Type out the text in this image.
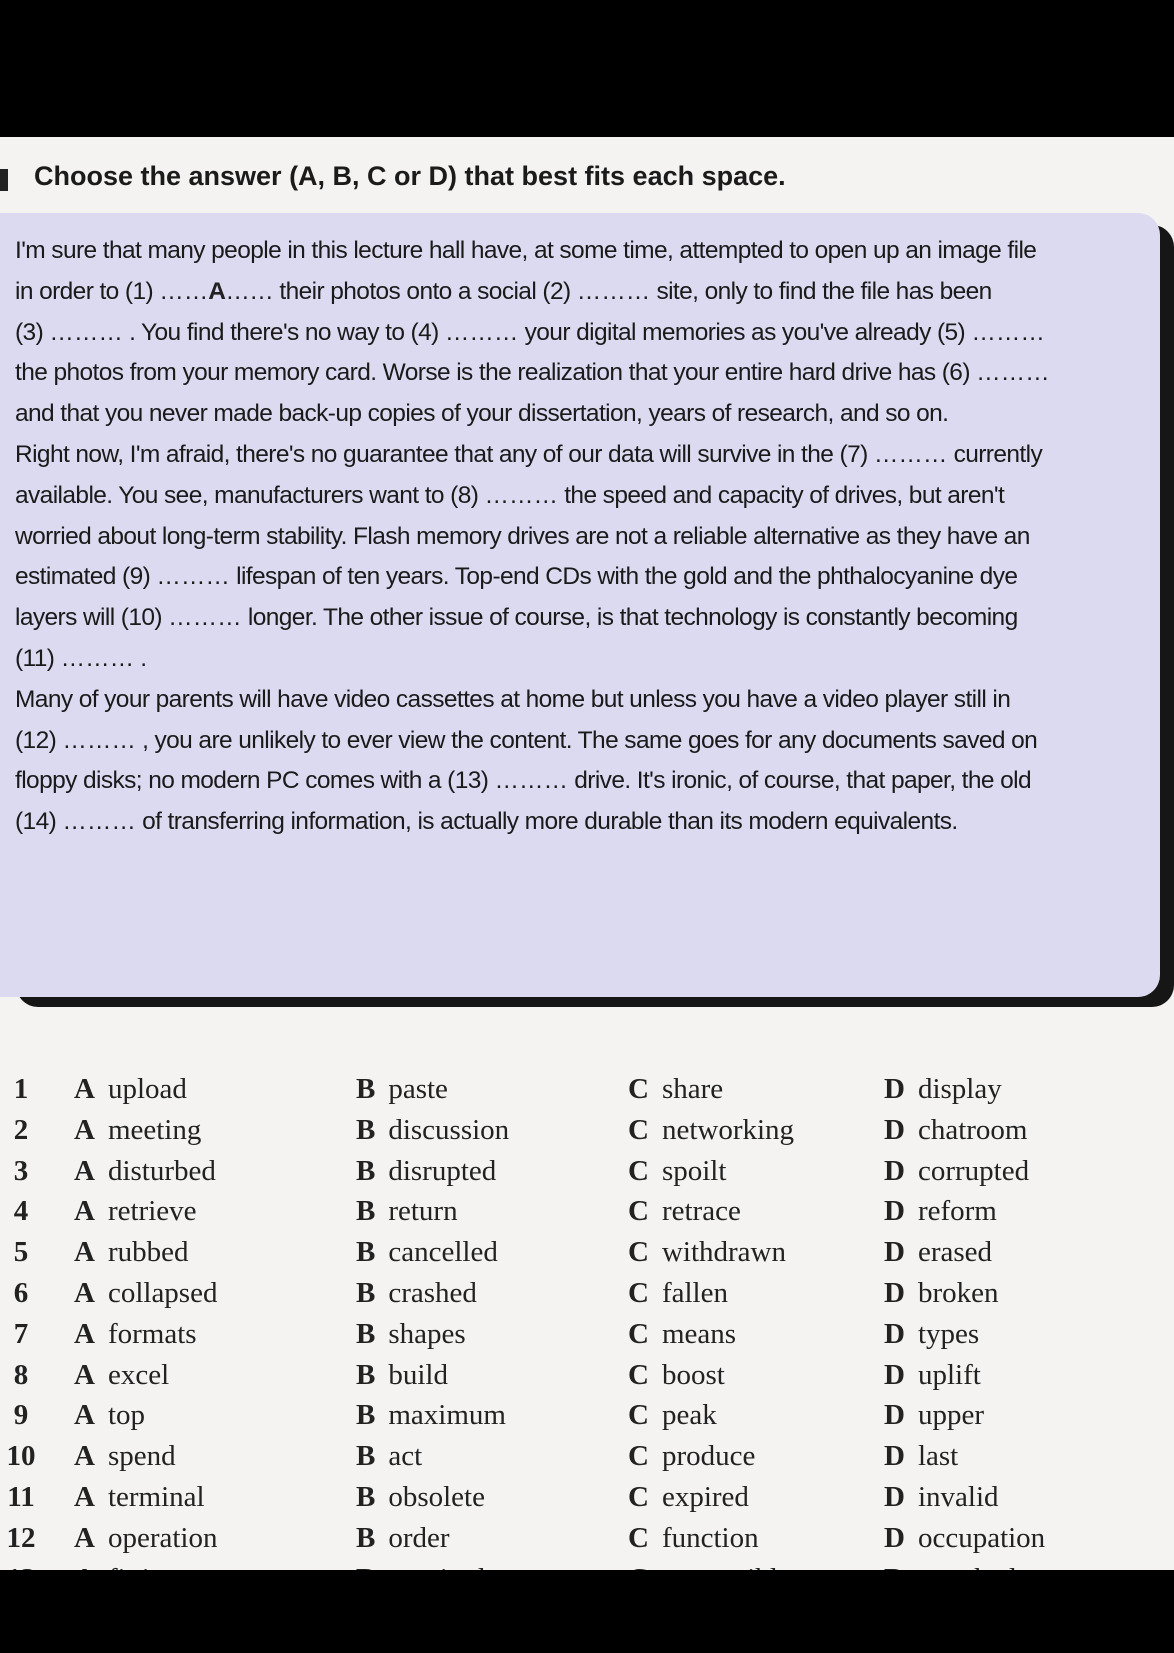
Choose the answer (A, B, C or D) that best fits each space.
I'm sure that many people in this lecture hall have, at some time, attempted to open up an image file
in order to (1) ……A…… their photos onto a social (2) ……… site, only to find the file has been
(3) ……… . You find there's no way to (4) ……… your digital memories as you've already (5) ………
the photos from your memory card. Worse is the realization that your entire hard drive has (6) ………
and that you never made back-up copies of your dissertation, years of research, and so on.
Right now, I'm afraid, there's no guarantee that any of our data will survive in the (7) ……… currently
available. You see, manufacturers want to (8) ……… the speed and capacity of drives, but aren't
worried about long-term stability. Flash memory drives are not a reliable alternative as they have an
estimated (9) ……… lifespan of ten years. Top-end CDs with the gold and the phthalocyanine dye
layers will (10) ……… longer. The other issue of course, is that technology is constantly becoming
(11) ……… .
Many of your parents will have video cassettes at home but unless you have a video player still in
(12) ……… , you are unlikely to ever view the content. The same goes for any documents saved on
floppy disks; no modern PC comes with a (13) ……… drive. It's ironic, of course, that paper, the old
(14) ……… of transferring information, is actually more durable than its modern equivalents.
1	A upload	B paste	C share	D display
2	A meeting	B discussion	C networking	D chatroom
3	A disturbed	B disrupted	C spoilt	D corrupted
4	A retrieve	B return	C retrace	D reform
5	A rubbed	B cancelled	C withdrawn	D erased
6	A collapsed	B crashed	C fallen	D broken
7	A formats	B shapes	C means	D types
8	A excel	B build	C boost	D uplift
9	A top	B maximum	C peak	D upper
10 A spend	B act	C produce	D last
11 A terminal	B obsolete	C expired	D invalid
12 A operation	B order	C function	D occupation
